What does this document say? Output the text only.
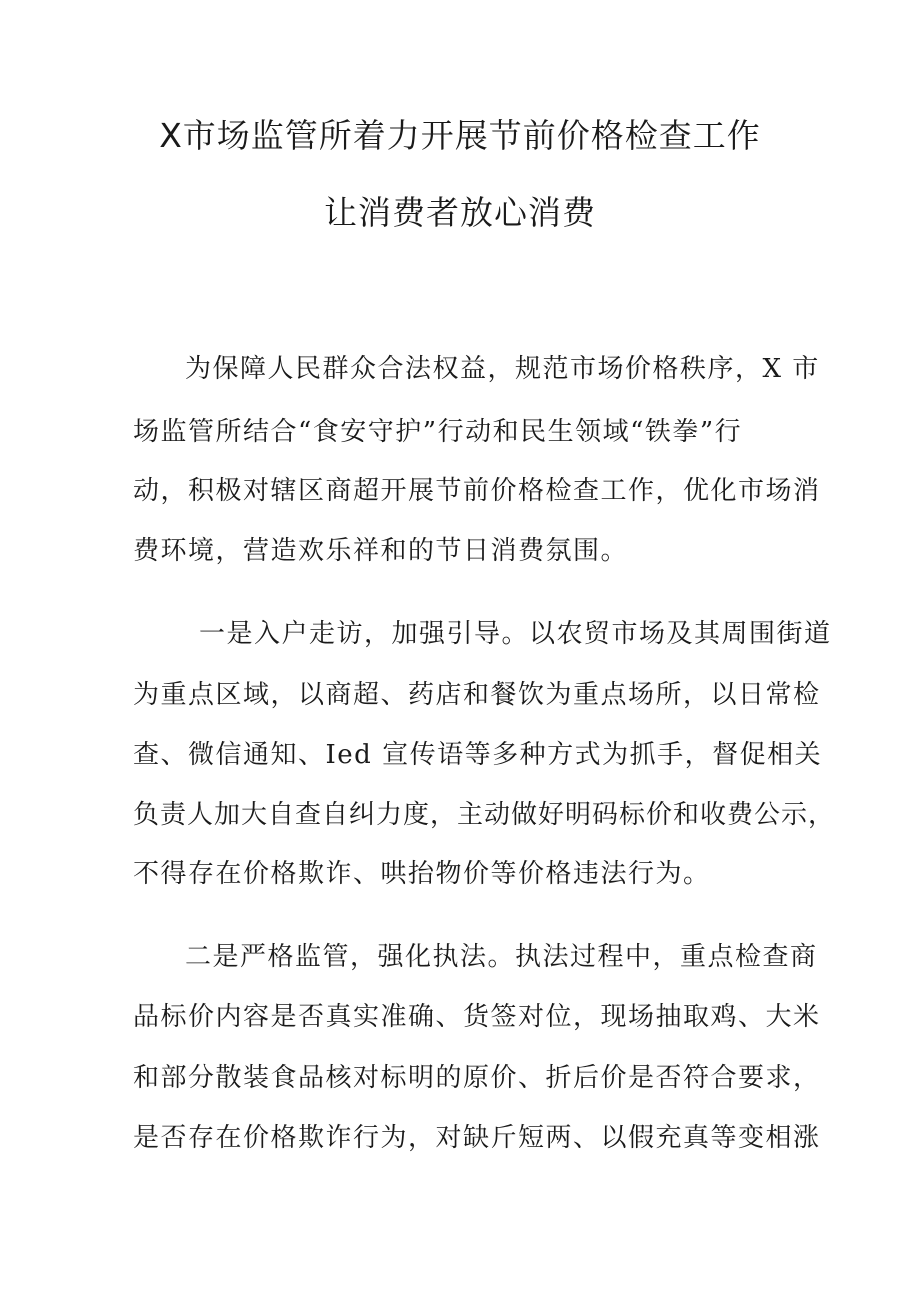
X市场监管所着力开展节前价格检查工作
让消费者放心消费

为保障人民群众合法权益，规范市场价格秩序，X 市

场监管所结合“食安守护”行动和民生领域“铁拳”行

动，积极对辖区商超开展节前价格检查工作，优化市场消

费环境，营造欢乐祥和的节日消费氛围。

一是入户走访，加强引导。以农贸市场及其周围街道

为重点区域，以商超、药店和餐饮为重点场所，以日常检

查、微信通知、Ied 宣传语等多种方式为抓手，督促相关

负责人加大自查自纠力度，主动做好明码标价和收费公示，

不得存在价格欺诈、哄抬物价等价格违法行为。

二是严格监管，强化执法。执法过程中，重点检查商

品标价内容是否真实准确、货签对位，现场抽取鸡、大米

和部分散装食品核对标明的原价、折后价是否符合要求，

是否存在价格欺诈行为，对缺斤短两、以假充真等变相涨
